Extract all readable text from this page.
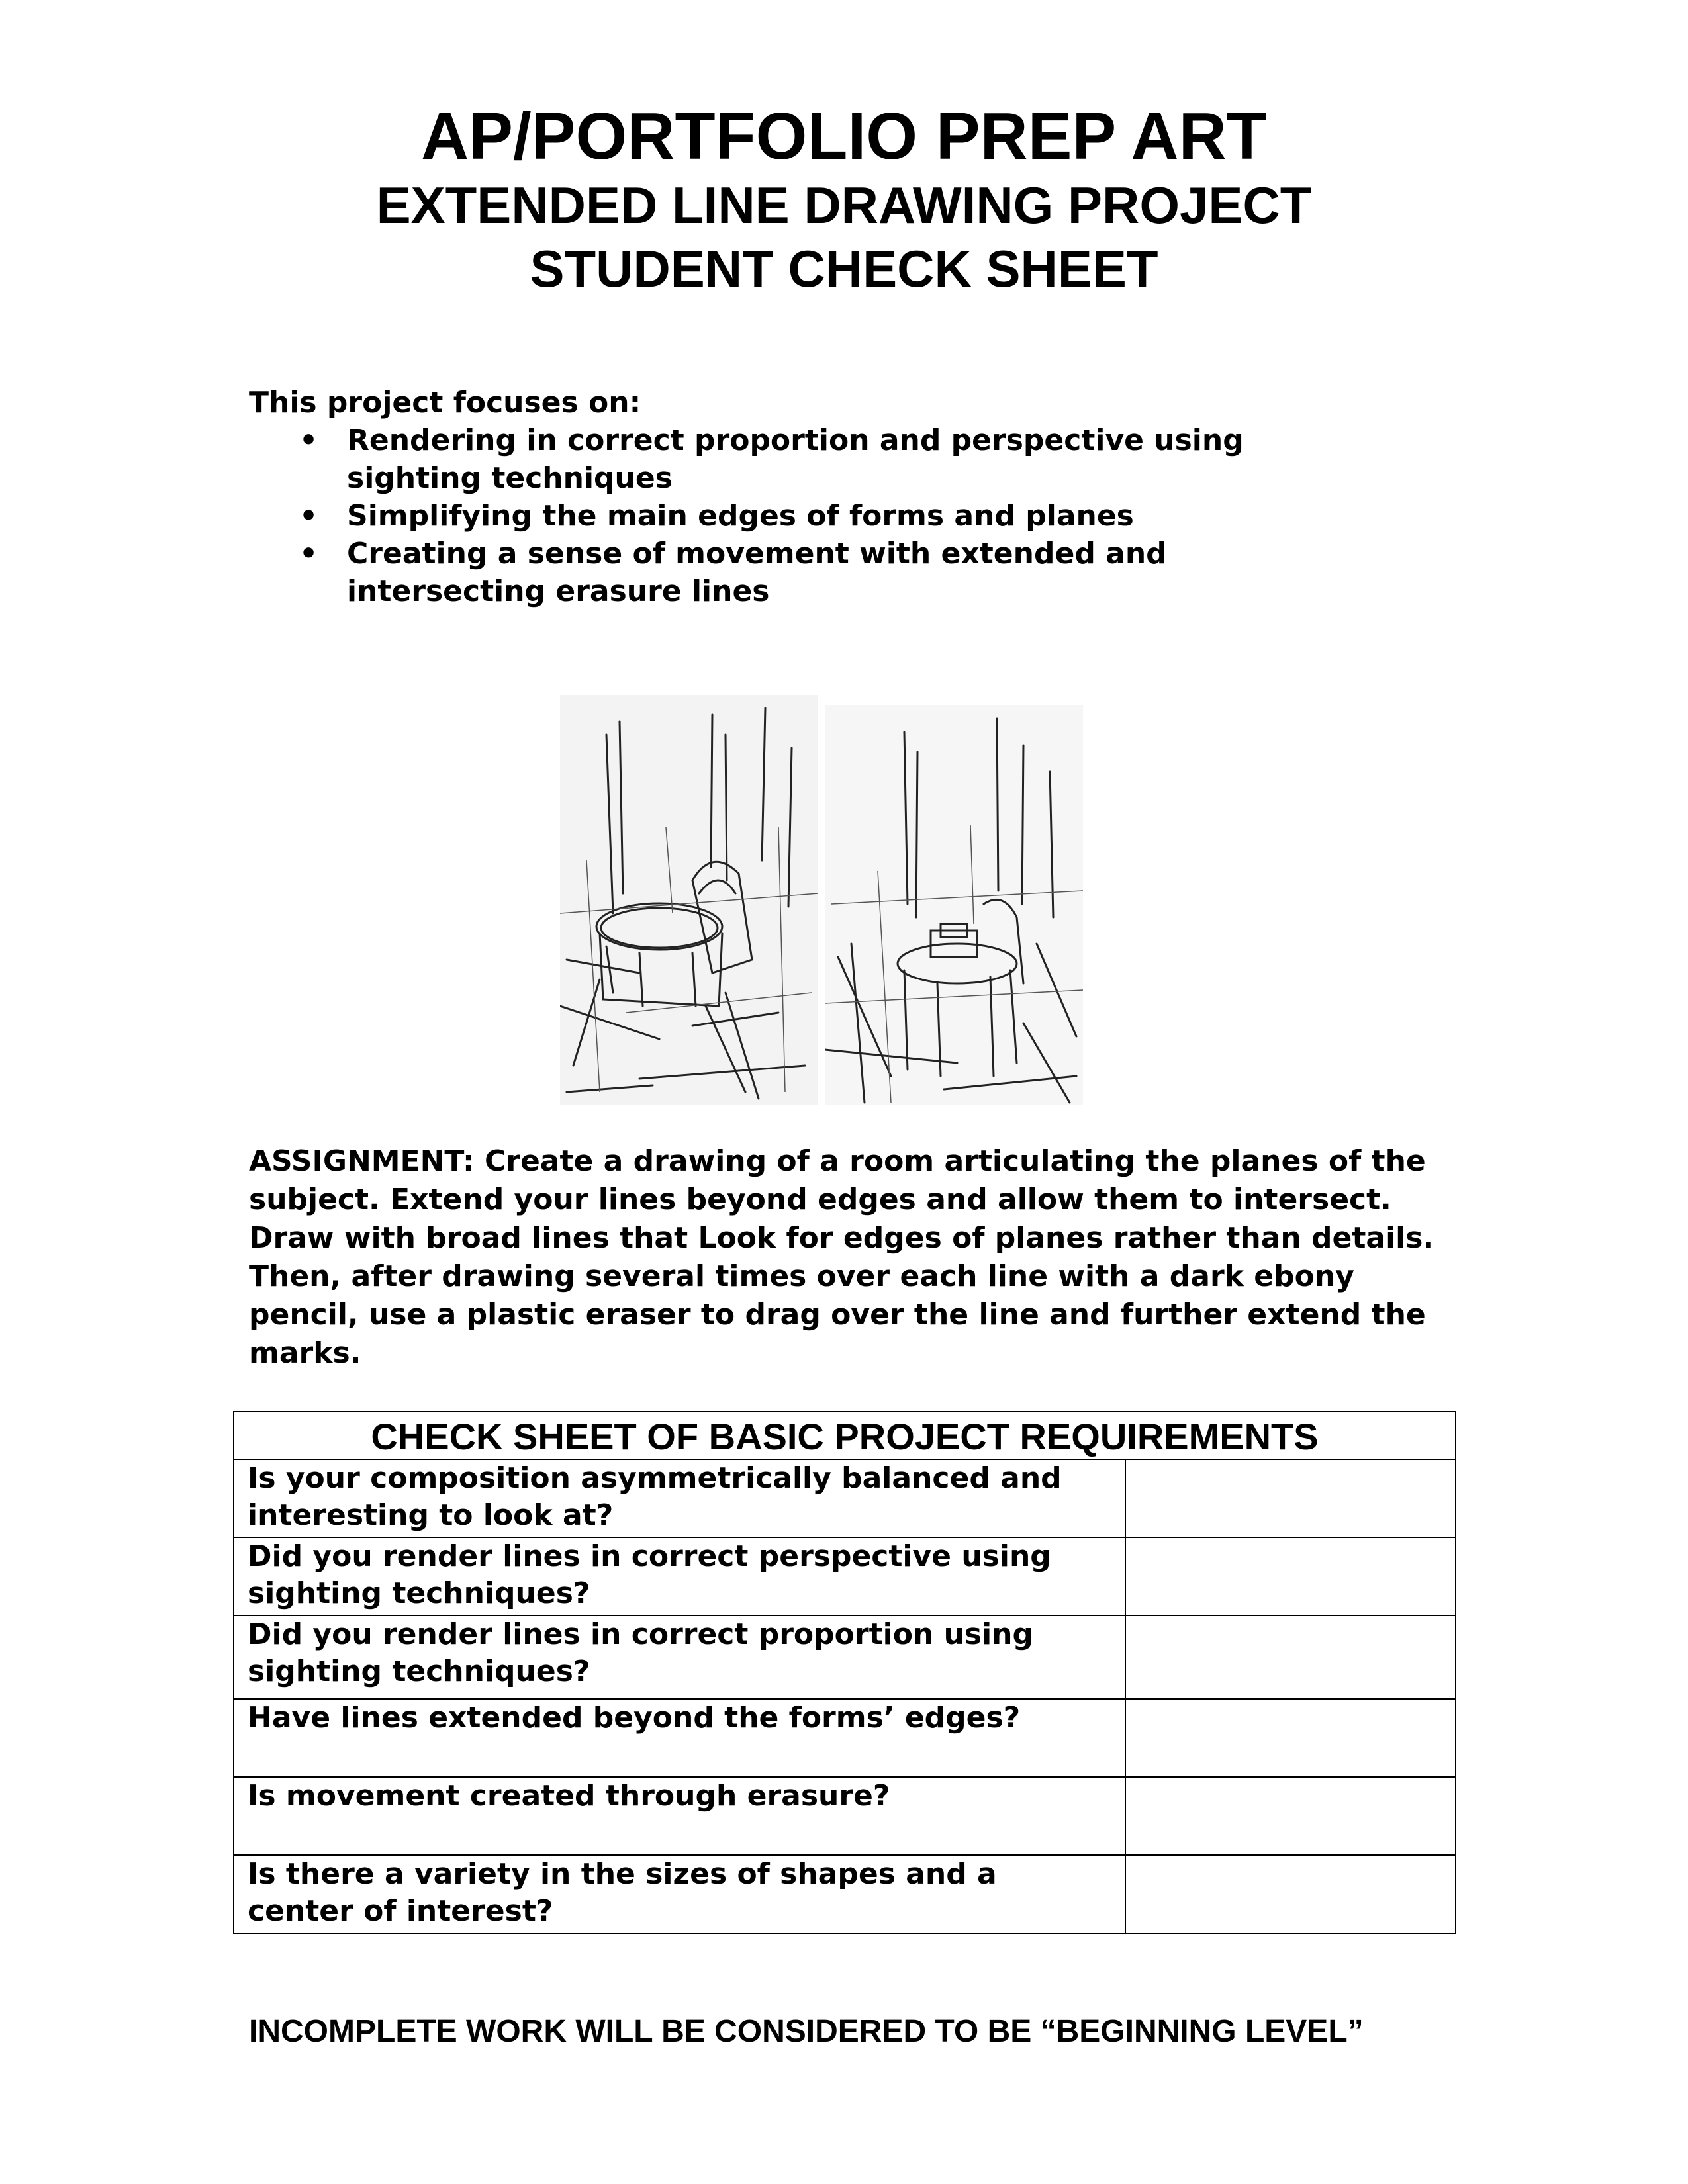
AP/PORTFOLIO PREP ART
EXTENDED LINE DRAWING PROJECT
STUDENT CHECK SHEET

This project focuses on:

• Rendering in correct proportion and perspective using sighting techniques
• Simplifying the main edges of forms and planes
• Creating a sense of movement with extended and intersecting erasure lines

ASSIGNMENT: Create a drawing of a room articulating the planes of the subject. Extend your lines beyond edges and allow them to intersect. Draw with broad lines that Look for edges of planes rather than details. Then, after drawing several times over each line with a dark ebony pencil, use a plastic eraser to drag over the line and further extend the marks.

CHECK SHEET OF BASIC PROJECT REQUIREMENTS	
Is your composition asymmetrically balanced and interesting to look at?	
Did you render lines in correct perspective using sighting techniques?	
Did you render lines in correct proportion using sighting techniques?	
Have lines extended beyond the forms’ edges?	
Is movement created through erasure?	
Is there a variety in the sizes of shapes and a center of interest?	

INCOMPLETE WORK WILL BE CONSIDERED TO BE “BEGINNING LEVEL”
